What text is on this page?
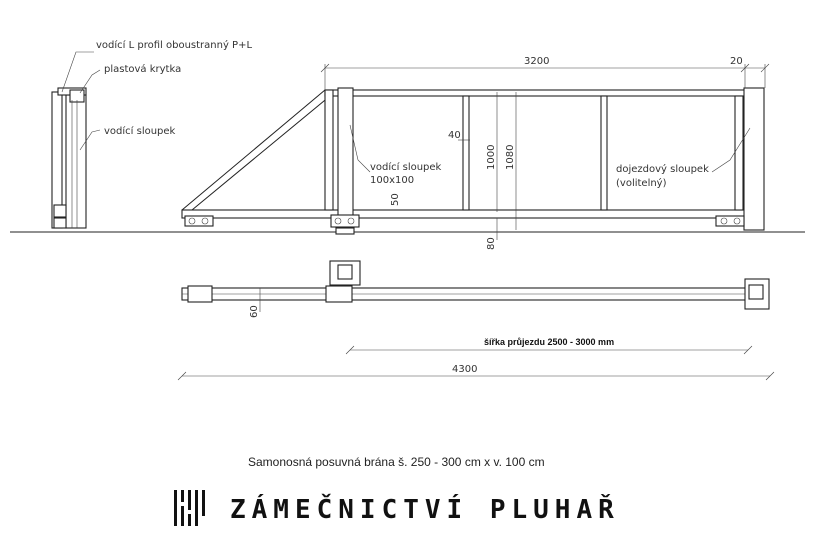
vodící L profil oboustranný P+L
plastová krytka
vodící sloupek
3200	20
40
1000 1080
80
50
vodící sloupek
100x100
dojezdový sloupek
(volitelný)
60
šířka průjezdu 2500 - 3000 mm
4300
Samonosná posuvná brána š. 250 - 300 cm x v. 100 cm
ZÁMEČNICTVÍ PLUHAŘ
